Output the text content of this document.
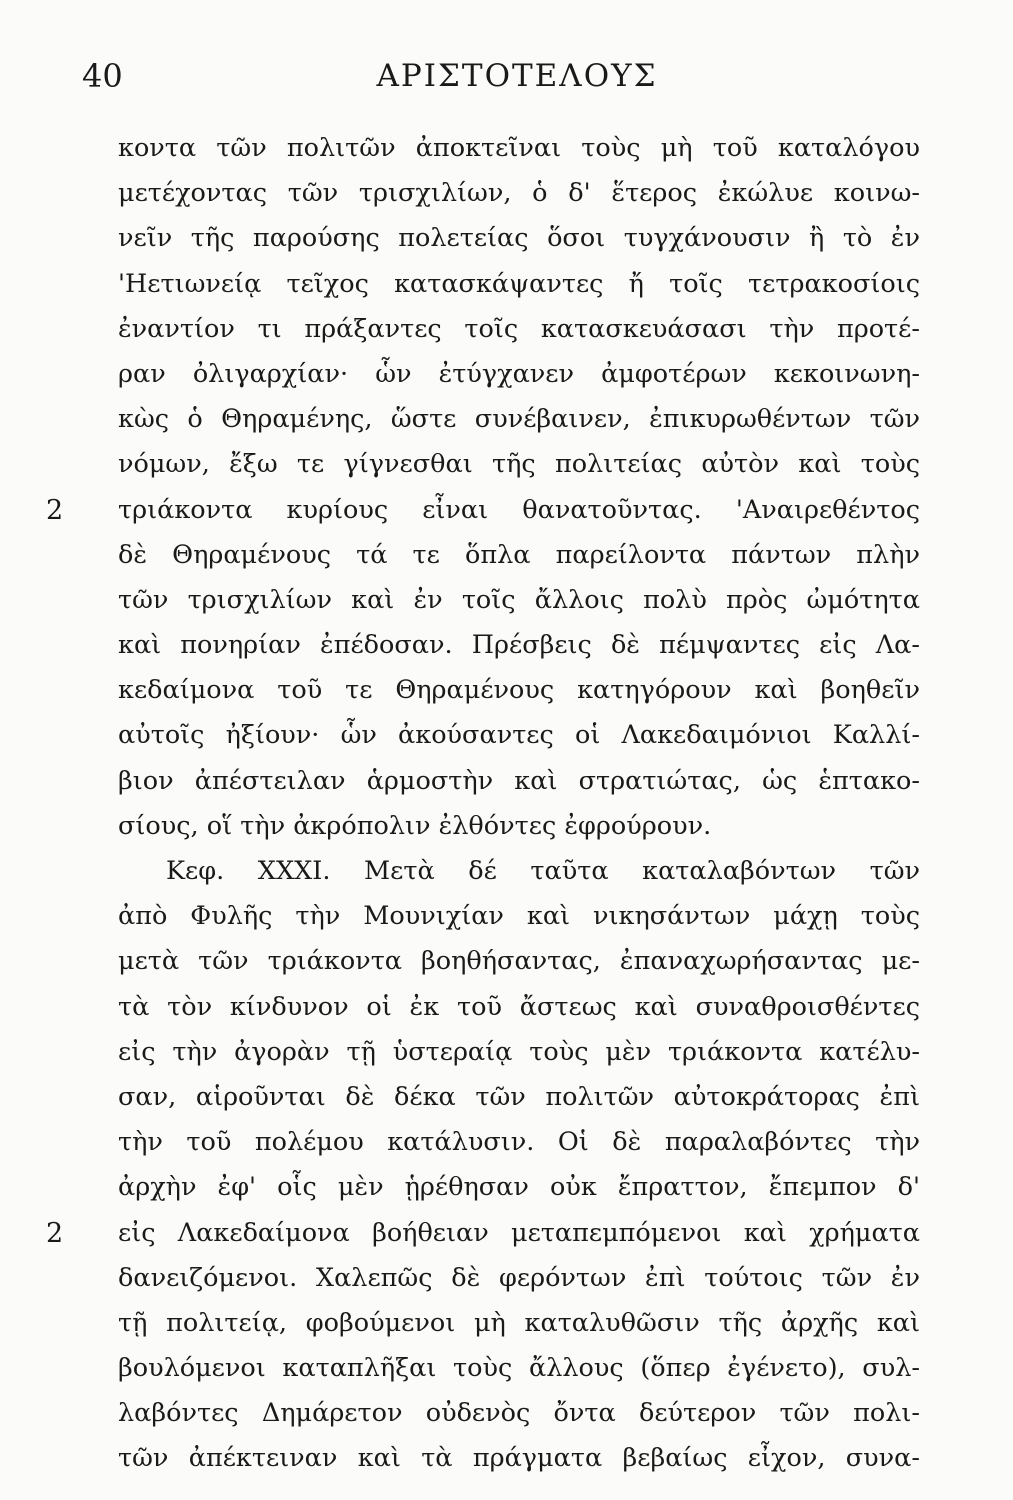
40	ΑΡΙΣΤΟΤΕΛΟΥΣ
κοντα τῶν πολιτῶν ἀποκτεῖναι τοὺς μὴ τοῦ καταλόγου
μετέχοντας τῶν τρισχιλίων, ὁ δ' ἕτερος ἐκώλυε κοινω-
νεῖν τῆς παρούσης πολετείας ὅσοι τυγχάνουσιν ἢ τὸ ἐν
'Ηετιωνείᾳ τεῖχος κατασκάψαντες ἤ τοῖς τετρακοσίοις
ἐναντίον τι πράξαντες τοῖς κατασκευάσασι τὴν προτέ-
ραν ὀλιγαρχίαν· ὧν ἐτύγχανεν ἀμφοτέρων κεκοινωνη-
κὼς ὁ Θηραμένης, ὥστε συνέβαινεν, ἐπικυρωθέντων τῶν
νόμων, ἔξω τε γίγνεσθαι τῆς πολιτείας αὐτὸν καὶ τοὺς
τριάκοντα κυρίους εἶναι θανατοῦντας. 'Αναιρεθέντος
2
δὲ Θηραμένους τά τε ὅπλα παρείλοντα πάντων πλὴν
τῶν τρισχιλίων καὶ ἐν τοῖς ἄλλοις πολὺ πρὸς ὠμότητα
καὶ πονηρίαν ἐπέδοσαν. Πρέσβεις δὲ πέμψαντες εἰς Λα-
κεδαίμονα τοῦ τε Θηραμένους κατηγόρουν καὶ βοηθεῖν
αὐτοῖς ἠξίουν· ὧν ἀκούσαντες οἱ Λακεδαιμόνιοι Καλλί-
βιον ἀπέστειλαν ἁρμοστὴν καὶ στρατιώτας, ὡς ἑπτακο-
σίους, οἵ τὴν ἀκρόπολιν ἐλθόντες ἐφρούρουν.
Κεφ. ΧΧΧΙ. Μετὰ δέ ταῦτα καταλαβόντων τῶν
ἀπὸ Φυλῆς τὴν Μουνιχίαν καὶ νικησάντων μάχῃ τοὺς
μετὰ τῶν τριάκοντα βοηθήσαντας, ἐπαναχωρήσαντας με-
τὰ τὸν κίνδυνον οἱ ἐκ τοῦ ἄστεως καὶ συναθροισθέντες
εἰς τὴν ἀγορὰν τῇ ὑστεραίᾳ τοὺς μὲν τριάκοντα κατέλυ-
σαν, αἱροῦνται δὲ δέκα τῶν πολιτῶν αὐτοκράτορας ἐπὶ
τὴν τοῦ πολέμου κατάλυσιν. Οἱ δὲ παραλαβόντες τὴν
ἀρχὴν ἐφ' οἷς μὲν ᾑρέθησαν οὐκ ἔπραττον, ἔπεμπον δ'
εἰς Λακεδαίμονα βοήθειαν μεταπεμπόμενοι καὶ χρήματα
2
δανειζόμενοι. Χαλεπῶς δὲ φερόντων ἐπὶ τούτοις τῶν ἐν
τῇ πολιτείᾳ, φοβούμενοι μὴ καταλυθῶσιν τῆς ἀρχῆς καὶ
βουλόμενοι καταπλῆξαι τοὺς ἄλλους (ὅπερ ἐγένετο), συλ-
λαβόντες Δημάρετον οὐδενὸς ὄντα δεύτερον τῶν πολι-
τῶν ἀπέκτειναν καὶ τὰ πράγματα βεβαίως εἶχον, συνα-
